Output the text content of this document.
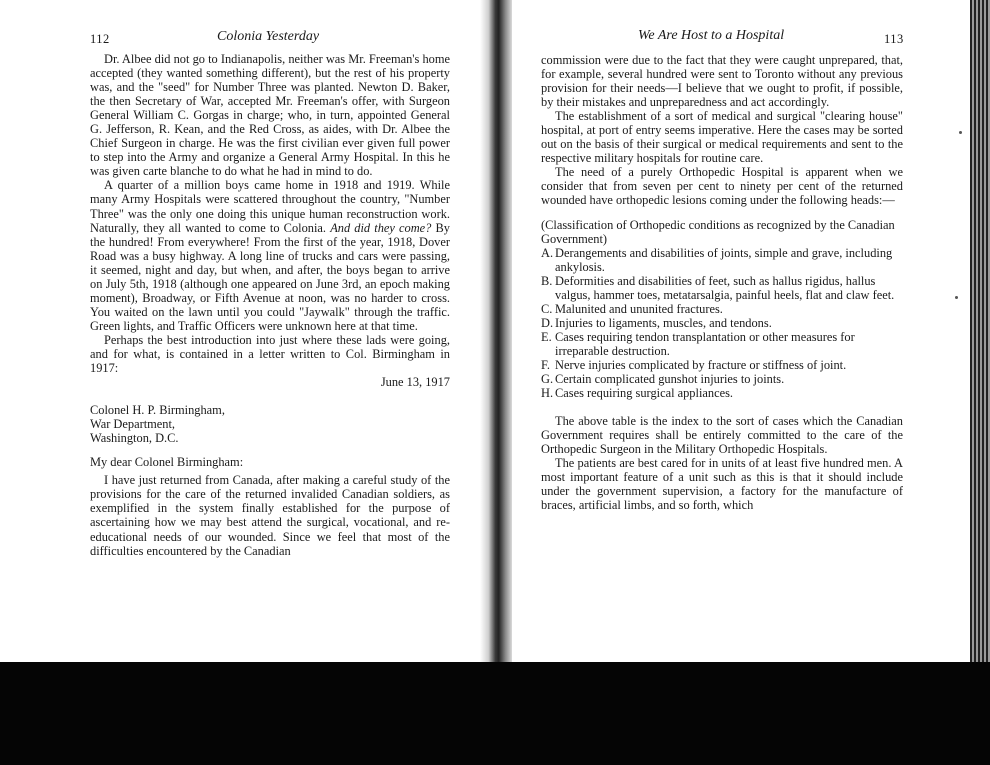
112	Colonia Yesterday

Dr. Albee did not go to Indianapolis, neither was Mr. Freeman's home accepted (they wanted something different), but the rest of his property was, and the "seed" for Number Three was planted. Newton D. Baker, the then Secretary of War, accepted Mr. Freeman's offer, with Surgeon General William C. Gorgas in charge; who, in turn, appointed General G. Jefferson, R. Kean, and the Red Cross, as aides, with Dr. Albee the Chief Surgeon in charge. He was the first civilian ever given full power to step into the Army and organize a General Army Hospital. In this he was given carte blanche to do what he had in mind to do.

A quarter of a million boys came home in 1918 and 1919. While many Army Hospitals were scattered throughout the country, "Number Three" was the only one doing this unique human reconstruction work. Naturally, they all wanted to come to Colonia. And did they come? By the hundred! From everywhere! From the first of the year, 1918, Dover Road was a busy highway. A long line of trucks and cars were passing, it seemed, night and day, but when, and after, the boys began to arrive on July 5th, 1918 (although one appeared on June 3rd, an epoch making moment), Broadway, or Fifth Avenue at noon, was no harder to cross. You waited on the lawn until you could "Jaywalk" through the traffic. Green lights, and Traffic Officers were unknown here at that time.

Perhaps the best introduction into just where these lads were going, and for what, is contained in a letter written to Col. Birmingham in 1917:

June 13, 1917

Colonel H. P. Birmingham,

War Department,

Washington, D.C.

My dear Colonel Birmingham:

I have just returned from Canada, after making a careful study of the provisions for the care of the returned invalided Canadian soldiers, as exemplified in the system finally established for the purpose of ascertaining how we may best attend the surgical, vocational, and re-educational needs of our wounded. Since we feel that most of the difficulties encountered by the Canadian

We Are Host to a Hospital	113

commission were due to the fact that they were caught unprepared, that, for example, several hundred were sent to Toronto without any previous provision for their needs—I believe that we ought to profit, if possible, by their mistakes and unpreparedness and act accordingly.

The establishment of a sort of medical and surgical "clearing house" hospital, at port of entry seems imperative. Here the cases may be sorted out on the basis of their surgical or medical requirements and sent to the respective military hospitals for routine care.

The need of a purely Orthopedic Hospital is apparent when we consider that from seven per cent to ninety per cent of the returned wounded have orthopedic lesions coming under the following heads:—

(Classification of Orthopedic conditions as recognized by the Canadian Government)

A. Derangements and disabilities of joints, simple and grave, including ankylosis.
B. Deformities and disabilities of feet, such as hallus rigidus, hallus valgus, hammer toes, metatarsalgia, painful heels, flat and claw feet.
C. Malunited and ununited fractures.
D. Injuries to ligaments, muscles, and tendons.
E. Cases requiring tendon transplantation or other measures for irreparable destruction.
F. Nerve injuries complicated by fracture or stiffness of joint.
G. Certain complicated gunshot injuries to joints.
H. Cases requiring surgical appliances.

The above table is the index to the sort of cases which the Canadian Government requires shall be entirely committed to the care of the Orthopedic Surgeon in the Military Orthopedic Hospitals.

The patients are best cared for in units of at least five hundred men. A most important feature of a unit such as this is that it should include under the government supervision, a factory for the manufacture of braces, artificial limbs, and so forth, which
